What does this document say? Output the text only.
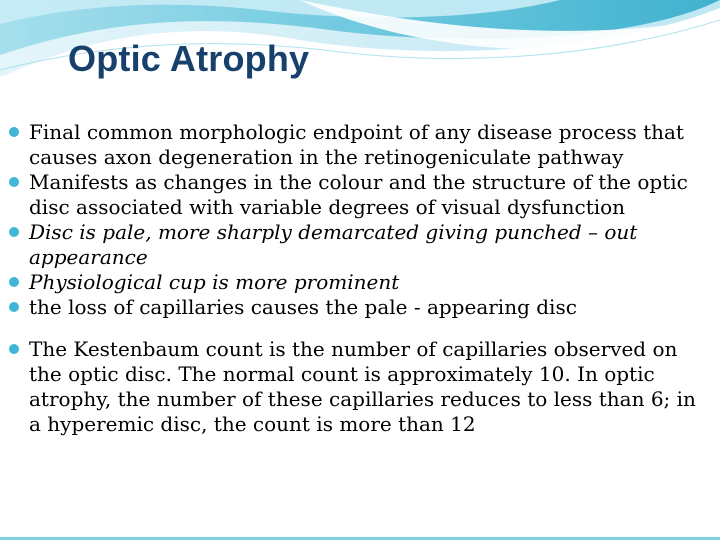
Optic Atrophy
Final common morphologic endpoint of any disease process that causes axon degeneration in the retinogeniculate pathway
Manifests as changes in the colour and the structure of the optic disc associated with variable degrees of visual dysfunction
Disc is pale, more sharply demarcated giving punched – out appearance
Physiological cup is more prominent
the loss of capillaries causes the pale - appearing disc
The Kestenbaum count is the number of capillaries observed on the optic disc. The normal count is approximately 10. In optic atrophy, the number of these capillaries reduces to less than 6; in a hyperemic disc, the count is more than 12
